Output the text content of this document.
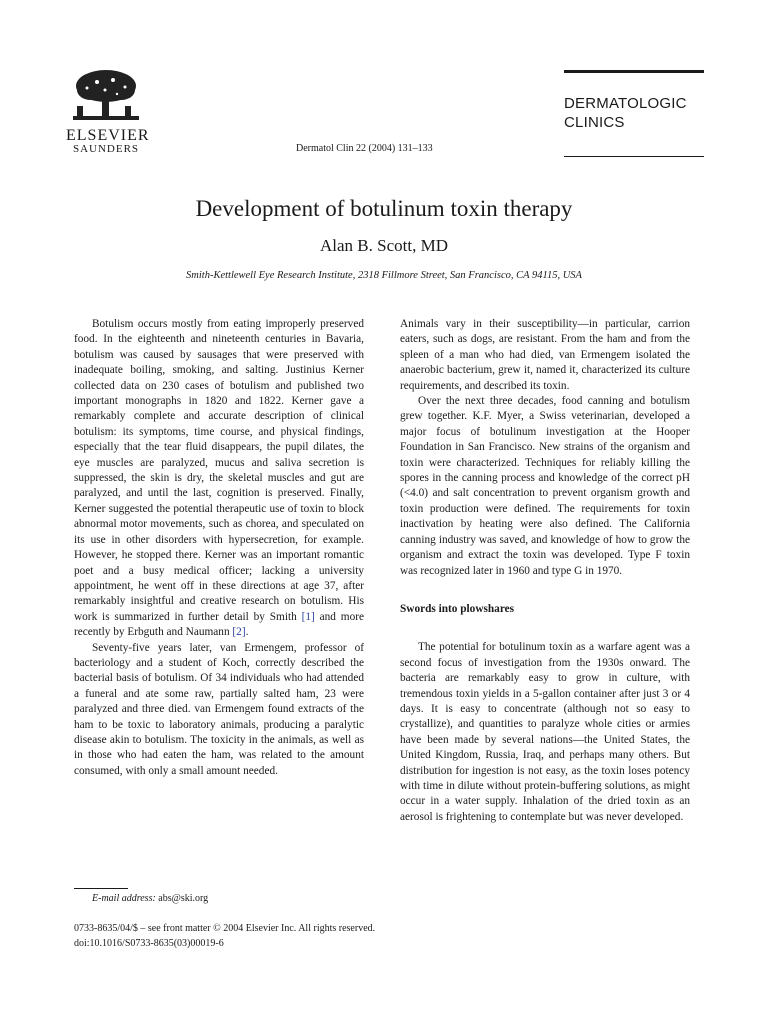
ELSEVIER
SAUNDERS
DERMATOLOGIC
CLINICS
Dermatol Clin 22 (2004) 131–133
Development of botulinum toxin therapy
Alan B. Scott, MD
Smith-Kettlewell Eye Research Institute, 2318 Fillmore Street, San Francisco, CA 94115, USA

Botulism occurs mostly from eating improperly preserved food. In the eighteenth and nineteenth centuries in Bavaria, botulism was caused by sausages that were preserved with inadequate boiling, smoking, and salting. Justinius Kerner collected data on 230 cases of botulism and published two important monographs in 1820 and 1822. Kerner gave a remarkably complete and accurate description of clinical botulism: its symptoms, time course, and physical findings, especially that the tear fluid disappears, the pupil dilates, the eye muscles are paralyzed, mucus and saliva secretion is suppressed, the skin is dry, the skeletal muscles and gut are paralyzed, and until the last, cognition is preserved. Finally, Kerner suggested the potential therapeutic use of toxin to block abnormal motor movements, such as chorea, and speculated on its use in other disorders with hypersecretion, for example. However, he stopped there. Kerner was an important romantic poet and a busy medical officer; lacking a university appointment, he went off in these directions at age 37, after remarkably insightful and creative research on botulism. His work is summarized in further detail by Smith [1] and more recently by Erbguth and Naumann [2].

Seventy-five years later, van Ermengem, professor of bacteriology and a student of Koch, correctly described the bacterial basis of botulism. Of 34 individuals who had attended a funeral and ate some raw, partially salted ham, 23 were paralyzed and three died. van Ermengem found extracts of the ham to be toxic to laboratory animals, producing a paralytic disease akin to botulism. The toxicity in the animals, as well as in those who had eaten the ham, was related to the amount consumed, with only a small amount needed.

Animals vary in their susceptibility—in particular, carrion eaters, such as dogs, are resistant. From the ham and from the spleen of a man who had died, van Ermengem isolated the anaerobic bacterium, grew it, named it, characterized its culture requirements, and described its toxin.

Over the next three decades, food canning and botulism grew together. K.F. Myer, a Swiss veterinarian, developed a major focus of botulinum investigation at the Hooper Foundation in San Francisco. New strains of the organism and toxin were characterized. Techniques for reliably killing the spores in the canning process and knowledge of the correct pH (<4.0) and salt concentration to prevent organism growth and toxin production were defined. The requirements for toxin inactivation by heating were also defined. The California canning industry was saved, and knowledge of how to grow the organism and extract the toxin was developed. Type F toxin was recognized later in 1960 and type G in 1970.

Swords into plowshares

The potential for botulinum toxin as a warfare agent was a second focus of investigation from the 1930s onward. The bacteria are remarkably easy to grow in culture, with tremendous toxin yields in a 5-gallon container after just 3 or 4 days. It is easy to concentrate (although not so easy to crystallize), and quantities to paralyze whole cities or armies have been made by several nations—the United States, the United Kingdom, Russia, Iraq, and perhaps many others. But distribution for ingestion is not easy, as the toxin loses potency with time in dilute without protein-buffering solutions, as might occur in a water supply. Inhalation of the dried toxin as an aerosol is frightening to contemplate but was never developed.

E-mail address: abs@ski.org
0733-8635/04/$ – see front matter © 2004 Elsevier Inc. All rights reserved.
doi:10.1016/S0733-8635(03)00019-6
